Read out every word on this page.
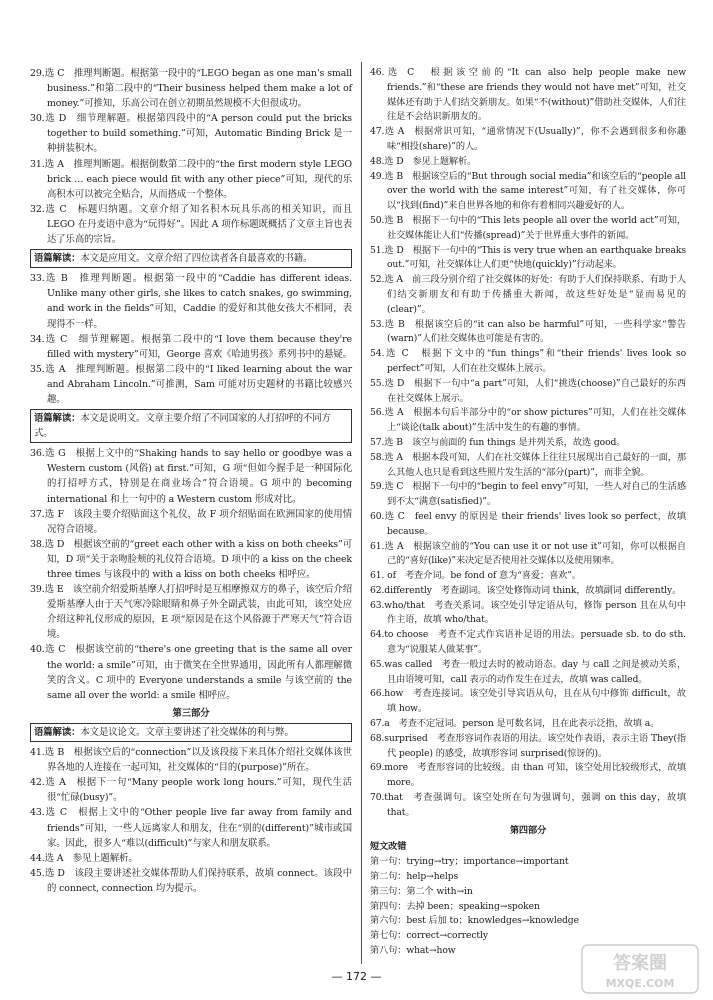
29.选 C　推理判断题。根据第一段中的“LEGO began as one man's small business.”和第二段中的“Their business helped them make a lot of money.”可推知，乐高公司在创立初期虽然规模不大但很成功。
30.选 D　细节理解题。根据第四段中的“A person could put the bricks together to build something.”可知，Automatic Binding Brick 是一种拼装积木。
31.选 A　推理判断题。根据倒数第二段中的“the first modern style LEGO brick … each piece would fit with any other piece”可知，现代的乐高积木可以被完全贴合，从而搭成一个整体。
32.选 C　标题归纳题。文章介绍了知名积木玩具乐高的相关知识，而且 LEGO 在丹麦语中意为“玩得好”。因此 A 项作标题既概括了文章主旨也表达了乐高的宗旨。
语篇解读：本文是应用文。文章介绍了四位读者各自最喜欢的书籍。
33.选 B　推理判断题。根据第一段中的“Caddie has different ideas. Unlike many other girls, she likes to catch snakes, go swimming, and work in the fields”可知，Caddie 的爱好和其他女孩大不相同，表现得不一样。
34.选 C　细节理解题。根据第二段中的“I love them because they're filled with mystery”可知，George 喜欢《哈迪男孩》系列书中的悬疑。
35.选 A　推理判断题。根据第二段中的“I liked learning about the war and Abraham Lincoln.”可推测，Sam 可能对历史题材的书籍比较感兴趣。
语篇解读：本文是说明文。文章主要介绍了不同国家的人打招呼的不同方式。
36.选 G　根据上文中的“Shaking hands to say hello or goodbye was a Western custom (风俗) at first.”可知，G 项“但如今握手是一种国际化的打招呼方式，特别是在商业场合”符合语境。G 项中的 becoming international 和上一句中的 a Western custom 形成对比。
37.选 F　该段主要介绍贴面这个礼仪，故 F 项介绍贴面在欧洲国家的使用情况符合语境。
38.选 D　根据该空前的“greet each other with a kiss on both cheeks”可知，D 项“关于亲吻脸颊的礼仪符合语境。D 项中的 a kiss on the cheek three times 与该段中的 with a kiss on both cheeks 相呼应。
39.选 E　该空前介绍爱斯基摩人打招呼时是互相摩擦双方的鼻子，该空后介绍爱斯基摩人由于天气寒冷除眼睛和鼻子外全副武装，由此可知，该空处应介绍这种礼仪形成的原因，E 项“原因是在这个风俗源于严寒天气”符合语境。
40.选 C　根据该空前的“there's one greeting that is the same all over the world: a smile”可知，由于微笑在全世界通用，因此所有人都理解微笑的含义。C 项中的 Everyone understands a smile 与该空前的 the same all over the world: a smile 相呼应。
第三部分
语篇解读：本文是议论文。文章主要讲述了社交媒体的利与弊。
41.选 B　根据该空后的“connection”以及该段接下来具体介绍社交媒体该世界各地的人连接在一起可知，社交媒体的“目的(purpose)”所在。
42.选 A　根据下一句“Many people work long hours.”可知，现代生活很“忙碌(busy)”。
43.选 C　根据上文中的“Other people live far away from family and friends”可知，一些人远离家人和朋友，住在“别的(different)”城市或国家。因此，很多人“难以(difficult)”与家人和朋友联系。
44.选 A　参见上题解析。
45.选 D　该段主要讲述社交媒体帮助人们保持联系，故填 connect。该段中的 connect, connection 均为提示。
46.选 C　根据该空前的“It can also help people make new friends.”和“these are friends they would not have met”可知，社交媒体还有助于人们结交新朋友。如果“不(without)”借助社交媒体，人们往往是不会结识新朋友的。
47.选 A　根据常识可知，“通常情况下(Usually)”，你不会遇到很多和你趣味“相投(share)”的人。
48.选 D　参见上题解析。
49.选 B　根据该空后的“But through social media”和该空后的“people all over the world with the same interest”可知，有了社交媒体，你可以“找到(find)”来自世界各地的和你有着相同兴趣爱好的人。
50.选 B　根据下一句中的“This lets people all over the world act”可知，社交媒体能让人们“传播(spread)”关于世界重大事件的新闻。
51.选 D　根据下一句中的“This is very true when an earthquake breaks out.”可知，社交媒体让人们更“快地(quickly)”行动起来。
52.选 A　前三段分别介绍了社交媒体的好处：有助于人们保持联系、有助于人们结交新朋友和有助于传播重大新闻，故这些好处是“显而易见的(clear)”。
53.选 B　根据该空后的“it can also be harmful”可知，一些科学家“警告(warn)”人们社交媒体也可能是有害的。
54.选 C　根据下文中的“fun things”和“their friends' lives look so perfect”可知，人们在社交媒体上展示。
55.选 D　根据下一句中“a part”可知，人们“挑选(choose)”自己最好的东西在社交媒体上展示。
56.选 A　根据本句后半部分中的“or show pictures”可知，人们在社交媒体上“谈论(talk about)”生活中发生的有趣的事情。
57.选 B　该空与前面的 fun things 是并列关系，故选 good。
58.选 A　根据本段可知，人们在社交媒体上往往只展现出自己最好的一面，那么其他人也只是看到这些照片发生活的“部分(part)”，而非全貌。
59.选 C　根据下一句中的“begin to feel envy”可知，一些人对自己的生活感到不太“满意(satisfied)”。
60.选 C　feel envy 的原因是 their friends' lives look so perfect，故填 because。
61.选 A　根据该空前的“You can use it or not use it”可知，你可以根据自己的“喜好(like)”来决定是否使用社交媒体以及使用频率。
61. of　考查介词。be fond of 意为“喜爱；喜欢”。
62.differently　考查副词。该空处修饰动词 think，故填副词 differently。
63.who/that　考查关系词。该空处引导定语从句，修饰 person 且在从句中作主语，故填 who/that。
64.to choose　考查不定式作宾语补足语的用法。persuade sb. to do sth. 意为“说服某人做某事”。
65.was called　考查一般过去时的被动语态。day 与 call 之间是被动关系，且由语境可知，call 表示的动作发生在过去，故填 was called。
66.how　考查连接词。该空处引导宾语从句，且在从句中修饰 difficult，故填 how。
67.a　考查不定冠词。person 是可数名词，且在此表示泛指，故填 a。
68.surprised　考查形容词作表语的用法。该空处作表语，表示主语 They(指代 people) 的感受，故填形容词 surprised(惊讶的)。
69.more　考查形容词的比较级。由 than 可知，该空处用比较级形式，故填 more。
70.that　考查强调句。该空处所在句为强调句，强调 on this day，故填 that。
第四部分
短文改错
第一句：trying→try；importance→important
第二句：help→helps
第三句：第二个 with→in
第四句：去掉 been；speaking→spoken
第六句：best 后加 to；knowledges→knowledge
第七句：correct→correctly
第八句：what→how
— 172 —
答案圈
MXQE.COM
